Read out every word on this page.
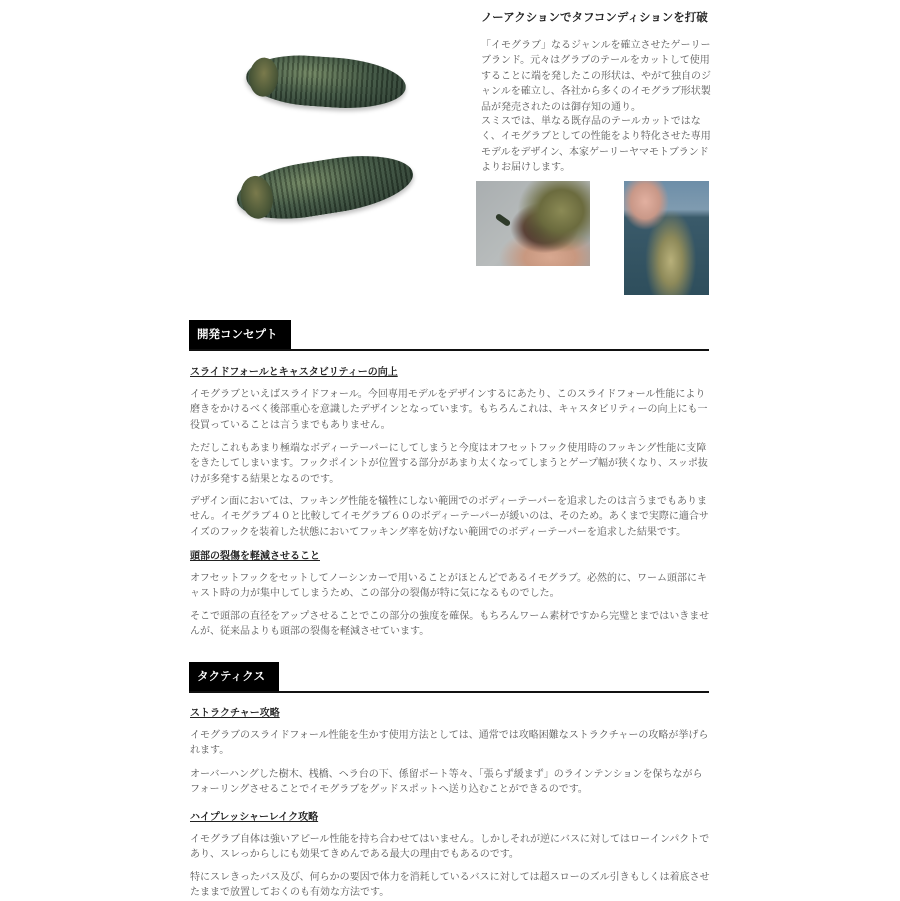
ノーアクションでタフコンディションを打破
「イモグラブ」なるジャンルを確立させたゲーリーブランド。元々はグラブのテールをカットして使用することに端を発したこの形状は、やがて独自のジャンルを確立し、各社から多くのイモグラブ形状製品が発売されたのは御存知の通り。
スミスでは、単なる既存品のテールカットではなく、イモグラブとしての性能をより特化させた専用モデルをデザイン、本家ゲーリーヤマモトブランドよりお届けします。
開発コンセプト
スライドフォールとキャスタビリティーの向上
イモグラブといえばスライドフォール。今回専用モデルをデザインするにあたり、このスライドフォール性能により磨きをかけるべく後部重心を意識したデザインとなっています。もちろんこれは、キャスタビリティーの向上にも一役買っていることは言うまでもありません。
ただしこれもあまり極端なボディーテーパーにしてしまうと今度はオフセットフック使用時のフッキング性能に支障をきたしてしまいます。フックポイントが位置する部分があまり太くなってしまうとゲープ幅が狭くなり、スッポ抜けが多発する結果となるのです。
デザイン面においては、フッキング性能を犠牲にしない範囲でのボディーテーパーを追求したのは言うまでもありません。イモグラブ４０と比較してイモグラブ６０のボディーテーパーが緩いのは、そのため。あくまで実際に適合サイズのフックを装着した状態においてフッキング率を妨げない範囲でのボディーテーパーを追求した結果です。
頭部の裂傷を軽減させること
オフセットフックをセットしてノーシンカーで用いることがほとんどであるイモグラブ。必然的に、ワーム頭部にキャスト時の力が集中してしまうため、この部分の裂傷が特に気になるものでした。
そこで頭部の直径をアップさせることでこの部分の強度を確保。もちろんワーム素材ですから完璧とまではいきませんが、従来品よりも頭部の裂傷を軽減させています。
タクティクス
ストラクチャー攻略
イモグラブのスライドフォール性能を生かす使用方法としては、通常では攻略困難なストラクチャーの攻略が挙げられます。
オーバーハングした樹木、桟橋、ヘラ台の下、係留ボート等々、「張らず緩まず」のラインテンションを保ちながらフォーリングさせることでイモグラブをグッドスポットへ送り込むことができるのです。
ハイプレッシャーレイク攻略
イモグラブ自体は強いアピール性能を持ち合わせてはいません。しかしそれが逆にバスに対してはローインパクトであり、スレっからしにも効果てきめんである最大の理由でもあるのです。
特にスレきったバス及び、何らかの要因で体力を消耗しているバスに対しては超スローのズル引きもしくは着底させたままで放置しておくのも有効な方法です。
